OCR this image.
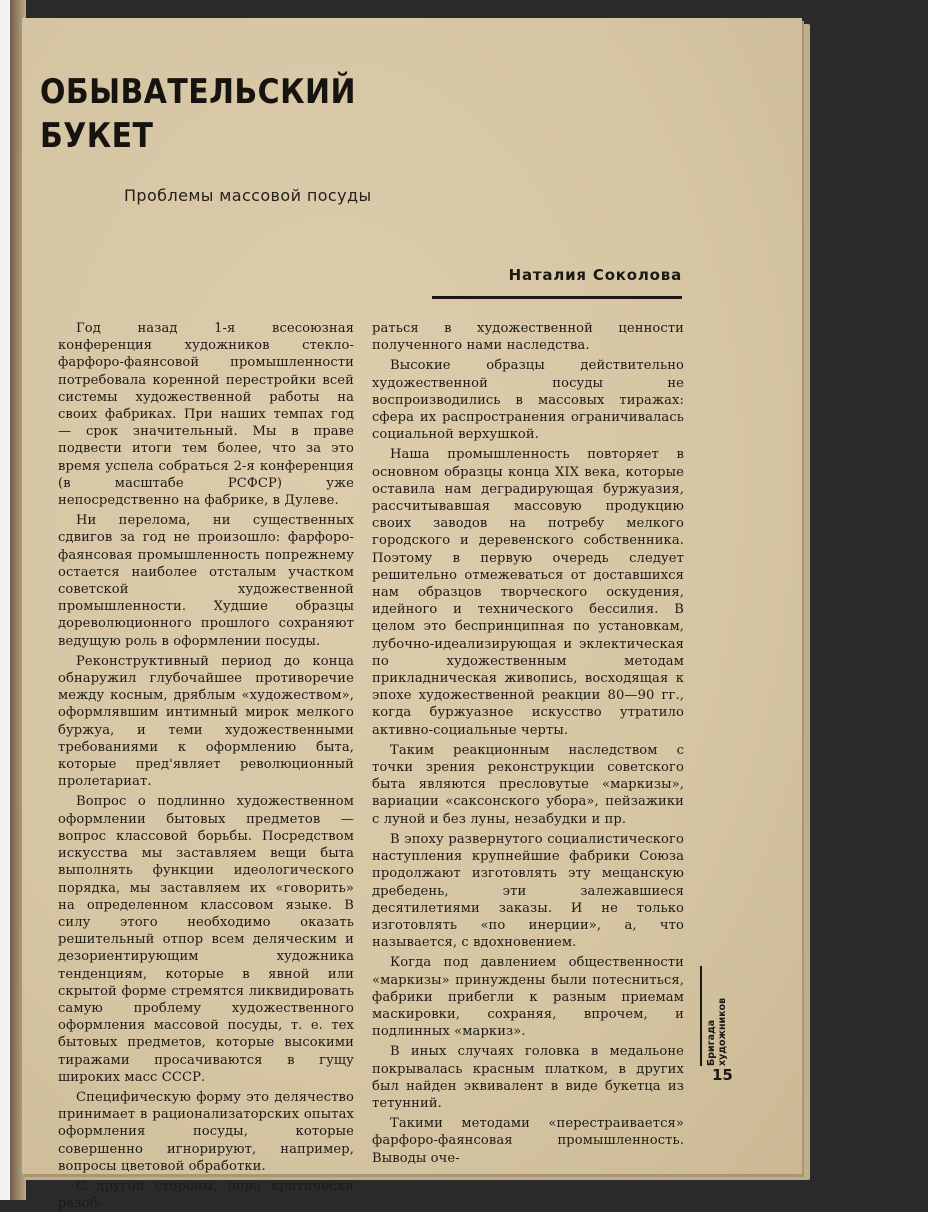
ОБЫВАТЕЛЬСКИЙ
БУКЕТ
Проблемы массовой посуды
Наталия Соколова

Год назад 1-я всесоюзная конференция художников стекло-фарфоро-фаянсовой промышленности потребовала коренной перестройки всей системы художественной работы на своих фабриках. При наших темпах год — срок значительный. Мы в праве подвести итоги тем более, что за это время успела собраться 2-я конференция (в масштабе РСФСР) уже непосредственно на фабрике, в Дулеве.

Ни перелома, ни существенных сдвигов за год не произошло: фарфоро-фаянсовая промышленность попрежнему остается наиболее отсталым участком советской художественной промышленности. Худшие образцы дореволюционного прошлого сохраняют ведущую роль в оформлении посуды.

Реконструктивный период до конца обнаружил глубочайшее противоречие между косным, дряблым «художеством», оформлявшим интимный мирок мелкого буржуа, и теми художественными требованиями к оформлению быта, которые пред'являет революционный пролетариат.

Вопрос о подлинно художественном оформлении бытовых предметов — вопрос классовой борьбы. Посредством искусства мы заставляем вещи быта выполнять функции идеологического порядка, мы заставляем их «говорить» на определенном классовом языке. В силу этого необходимо оказать решительный отпор всем деляческим и дезориентирующим художника тенденциям, которые в явной или скрытой форме стремятся ликвидировать самую проблему художественного оформления массовой посуды, т. е. тех бытовых предметов, которые высокими тиражами просачиваются в гущу широких масс СССР.

Специфическую форму это делячество принимает в рационализаторских опытах оформления посуды, которые совершенно игнорируют, например, вопросы цветовой обработки.

С другой стороны, пора критически разоб-

раться в художественной ценности полученного нами наследства.

Высокие образцы действительно художественной посуды не воспроизводились в массовых тиражах: сфера их распространения ограничивалась социальной верхушкой.

Наша промышленность повторяет в основном образцы конца XIX века, которые оставила нам деградирующая буржуазия, рассчитывавшая массовую продукцию своих заводов на потребу мелкого городского и деревенского собственника. Поэтому в первую очередь следует решительно отмежеваться от доставшихся нам образцов творческого оскудения, идейного и технического бессилия. В целом это беспринципная по установкам, лубочно-идеализирующая и эклектическая по художественным методам прикладническая живопись, восходящая к эпохе художественной реакции 80—90 гг., когда буржуазное искусство утратило активно-социальные черты.

Таким реакционным наследством с точки зрения реконструкции советского быта являются пресловутые «маркизы», вариации «саксонского убора», пейзажики с луной и без луны, незабудки и пр.

В эпоху развернутого социалистического наступления крупнейшие фабрики Союза продолжают изготовлять эту мещанскую дребедень, эти залежавшиеся десятилетиями заказы. И не только изготовлять «по инерции», а, что называется, с вдохновением.

Когда под давлением общественности «маркизы» принуждены были потесниться, фабрики прибегли к разным приемам маскировки, сохраняя, впрочем, и подлинных «маркиз».

В иных случаях головка в медальоне покрывалась красным платком, в других был найден эквивалент в виде букетца из тетунний.

Такими методами «перестраивается» фарфоро-фаянсовая промышленность. Выводы оче-

Бригада художников
15
